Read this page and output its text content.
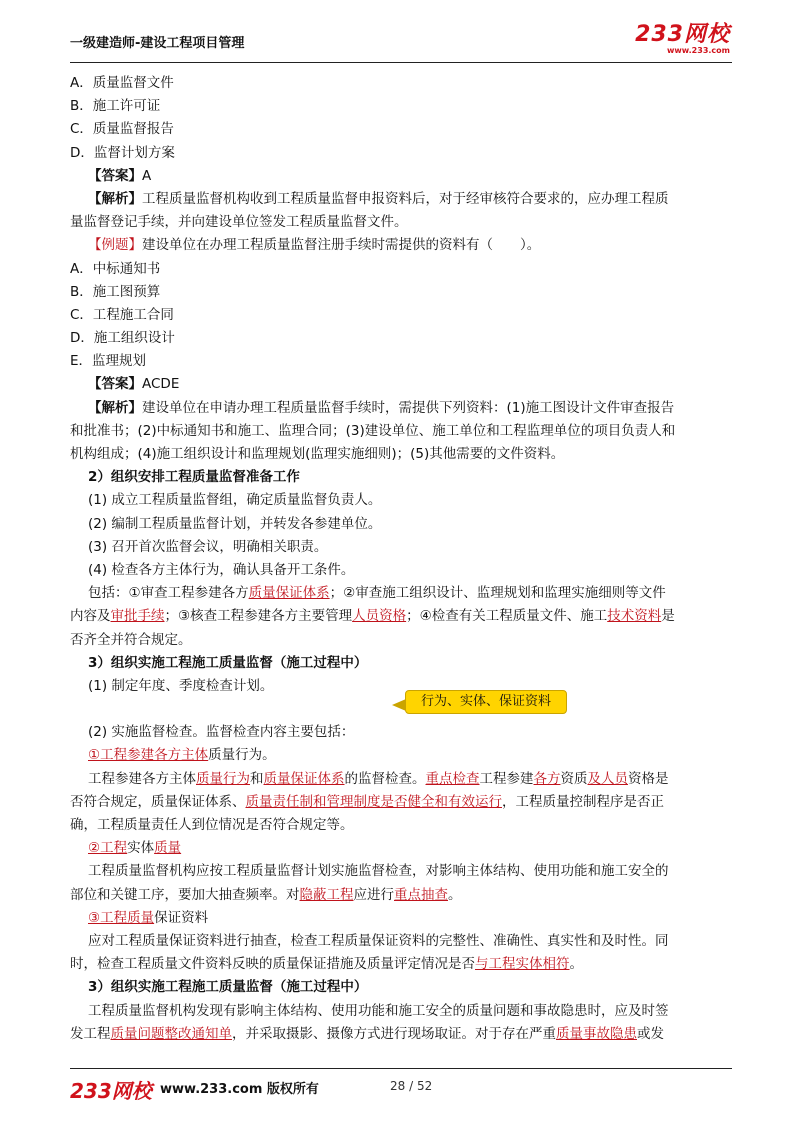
一级建造师-建设工程项目管理	233网校
www.233.com
A．质量监督文件
B．施工许可证
C．质量监督报告
D．监督计划方案
【答案】A
【解析】工程质量监督机构收到工程质量监督申报资料后，对于经审核符合要求的，应办理工程质
量监督登记手续，并向建设单位签发工程质量监督文件。
【例题】建设单位在办理工程质量监督注册手续时需提供的资料有（　　）。
A．中标通知书
B．施工图预算
C．工程施工合同
D．施工组织设计
E．监理规划
【答案】ACDE
【解析】建设单位在申请办理工程质量监督手续时，需提供下列资料：(1)施工图设计文件审查报告
和批准书；(2)中标通知书和施工、监理合同；(3)建设单位、施工单位和工程监理单位的项目负责人和
机构组成；(4)施工组织设计和监理规划(监理实施细则)；(5)其他需要的文件资料。
2）组织安排工程质量监督准备工作
(1) 成立工程质量监督组，确定质量监督负责人。
(2) 编制工程质量监督计划，并转发各参建单位。
(3) 召开首次监督会议，明确相关职责。
(4) 检查各方主体行为，确认具备开工条件。
包括：①审查工程参建各方质量保证体系；②审查施工组织设计、监理规划和监理实施细则等文件
内容及审批手续；③核查工程参建各方主要管理人员资格；④检查有关工程质量文件、施工技术资料是
否齐全并符合规定。
3）组织实施工程施工质量监督（施工过程中）
(1) 制定年度、季度检查计划。
(2) 实施监督检查。监督检查内容主要包括：
①工程参建各方主体质量行为。
工程参建各方主体质量行为和质量保证体系的监督检查。重点检查工程参建各方资质及人员资格是
否符合规定，质量保证体系、质量责任制和管理制度是否健全和有效运行，工程质量控制程序是否正
确，工程质量责任人到位情况是否符合规定等。
②工程实体质量
工程质量监督机构应按工程质量监督计划实施监督检查，对影响主体结构、使用功能和施工安全的
部位和关键工序，要加大抽查频率。对隐蔽工程应进行重点抽查。
③工程质量保证资料
应对工程质量保证资料进行抽查，检查工程质量保证资料的完整性、准确性、真实性和及时性。同
时，检查工程质量文件资料反映的质量保证措施及质量评定情况是否与工程实体相符。
3）组织实施工程施工质量监督（施工过程中）
工程质量监督机构发现有影响主体结构、使用功能和施工安全的质量问题和事故隐患时，应及时签
发工程质量问题整改通知单，并采取摄影、摄像方式进行现场取证。对于存在严重质量事故隐患或发
行为、实体、保证资料
233网校 www.233.com 版权所有	28 / 52
